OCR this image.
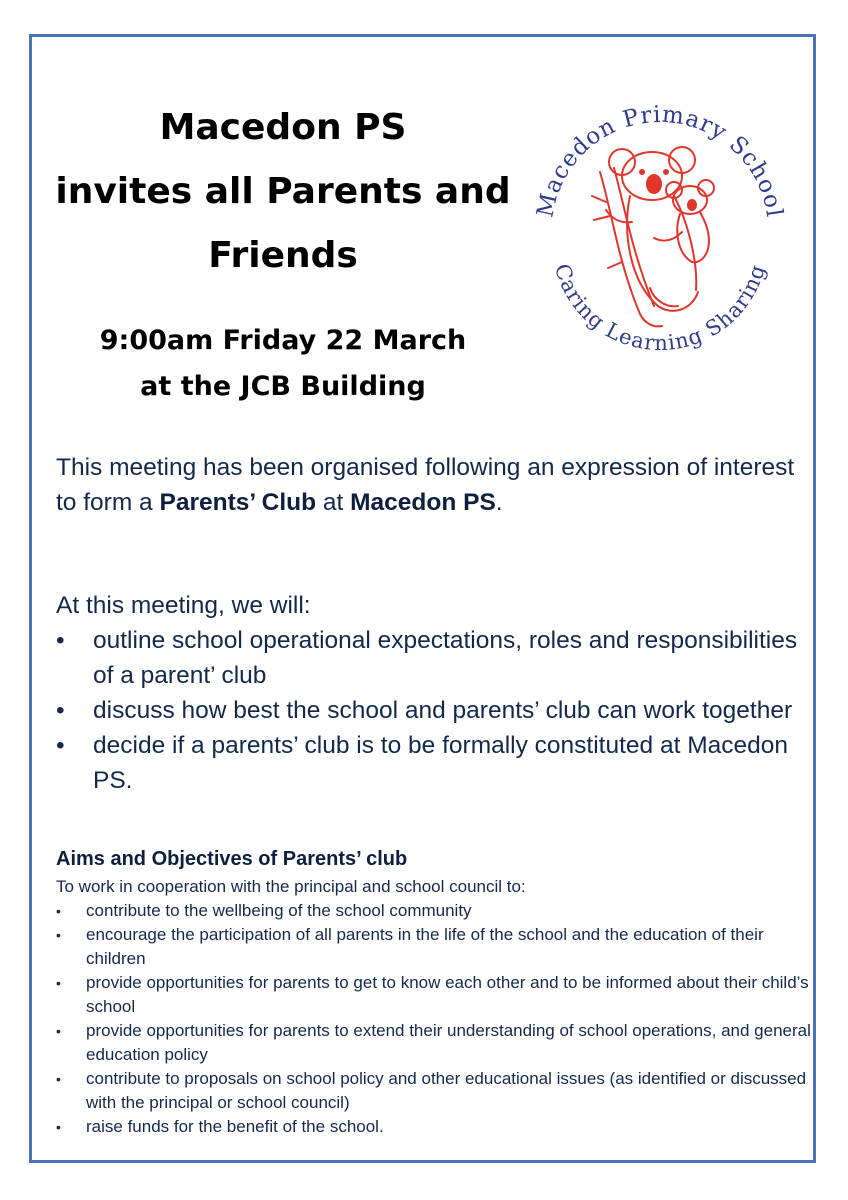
Macedon PS
invites all Parents and
Friends
9:00am Friday 22 March
at the JCB Building
Macedon Primary School
Caring Learning Sharing

This meeting has been organised following an expression of interest to form a Parents’ Club at Macedon PS.

At this meeting, we will:

• outline school operational expectations, roles and responsibilities of a parent’ club
• discuss how best the school and parents’ club can work together
• decide if a parents’ club is to be formally constituted at Macedon PS.
Aims and Objectives of Parents’ club

To work in cooperation with the principal and school council to:

• contribute to the wellbeing of the school community
• encourage the participation of all parents in the life of the school and the education of their children
• provide opportunities for parents to get to know each other and to be informed about their child’s school
• provide opportunities for parents to extend their understanding of school operations, and general education policy
• contribute to proposals on school policy and other educational issues (as identified or discussed with the principal or school council)
• raise funds for the benefit of the school.
